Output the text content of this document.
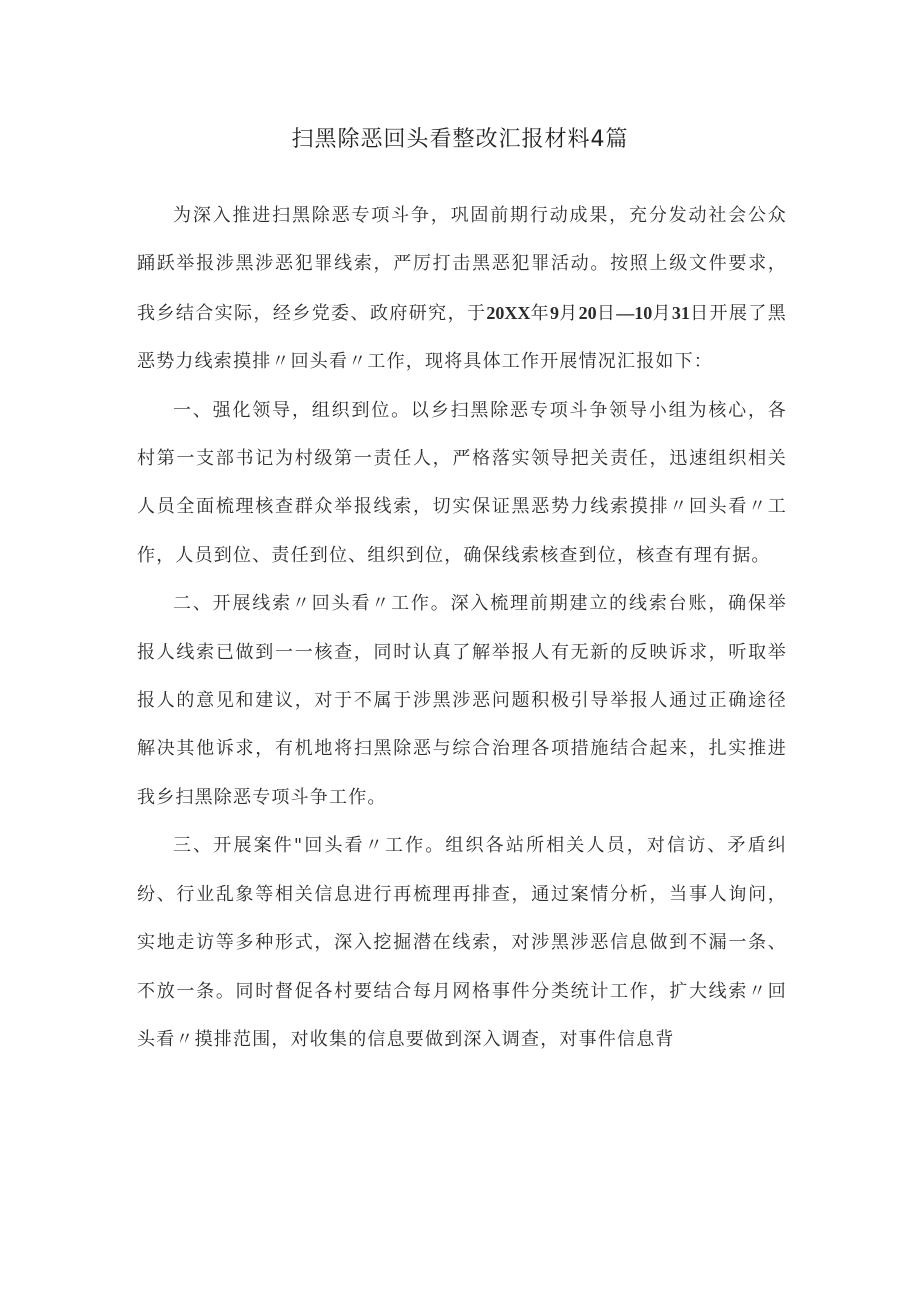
扫黑除恶回头看整改汇报材料4篇

为深入推进扫黑除恶专项斗争，巩固前期行动成果，充分发动社会公众踊跃举报涉黑涉恶犯罪线索，严厉打击黑恶犯罪活动。按照上级文件要求，我乡结合实际，经乡党委、政府研究，于20XX年9月20日—10月31日开展了黑恶势力线索摸排〃回头看〃工作，现将具体工作开展情况汇报如下：

一、强化领导，组织到位。以乡扫黑除恶专项斗争领导小组为核心，各村第一支部书记为村级第一责任人，严格落实领导把关责任，迅速组织相关人员全面梳理核查群众举报线索，切实保证黑恶势力线索摸排〃回头看〃工作，人员到位、责任到位、组织到位，确保线索核查到位，核查有理有据。

二、开展线索〃回头看〃工作。深入梳理前期建立的线索台账，确保举报人线索已做到一一核查，同时认真了解举报人有无新的反映诉求，听取举报人的意见和建议，对于不属于涉黑涉恶问题积极引导举报人通过正确途径解决其他诉求，有机地将扫黑除恶与综合治理各项措施结合起来，扎实推进我乡扫黑除恶专项斗争工作。

三、开展案件"回头看〃工作。组织各站所相关人员，对信访、矛盾纠纷、行业乱象等相关信息进行再梳理再排查，通过案情分析，当事人询问，实地走访等多种形式，深入挖掘潜在线索，对涉黑涉恶信息做到不漏一条、不放一条。同时督促各村要结合每月网格事件分类统计工作，扩大线索〃回头看〃摸排范围，对收集的信息要做到深入调查，对事件信息背
